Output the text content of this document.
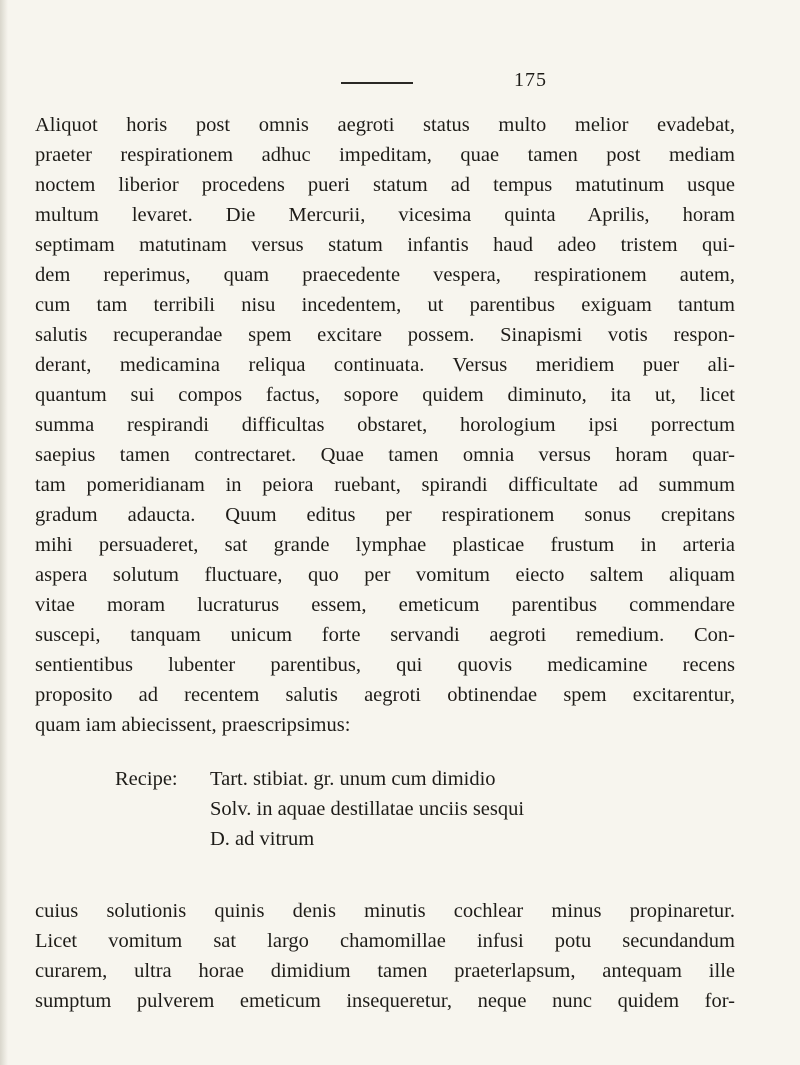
175
Aliquot horis post omnis aegroti status multo melior evadebat,
praeter respirationem adhuc impeditam, quae tamen post mediam
noctem liberior procedens pueri statum ad tempus matutinum usque
multum levaret. Die Mercurii, vicesima quinta Aprilis, horam
septimam matutinam versus statum infantis haud adeo tristem qui-
dem reperimus, quam praecedente vespera, respirationem autem,
cum tam terribili nisu incedentem, ut parentibus exiguam tantum
salutis recuperandae spem excitare possem. Sinapismi votis respon-
derant, medicamina reliqua continuata. Versus meridiem puer ali-
quantum sui compos factus, sopore quidem diminuto, ita ut, licet
summa respirandi difficultas obstaret, horologium ipsi porrectum
saepius tamen contrectaret. Quae tamen omnia versus horam quar-
tam pomeridianam in peiora ruebant, spirandi difficultate ad summum
gradum adaucta. Quum editus per respirationem sonus crepitans
mihi persuaderet, sat grande lymphae plasticae frustum in arteria
aspera solutum fluctuare, quo per vomitum eiecto saltem aliquam
vitae moram lucraturus essem, emeticum parentibus commendare
suscepi, tanquam unicum forte servandi aegroti remedium. Con-
sentientibus lubenter parentibus, qui quovis medicamine recens
proposito ad recentem salutis aegroti obtinendae spem excitarentur,
quam iam abiecissent, praescripsimus:
Recipe: Tart. stibiat. gr. unum cum dimidio
Solv. in aquae destillatae unciis sesqui
D. ad vitrum
cuius solutionis quinis denis minutis cochlear minus propinaretur.
Licet vomitum sat largo chamomillae infusi potu secundandum
curarem, ultra horae dimidium tamen praeterlapsum, antequam ille
sumptum pulverem emeticum insequeretur, neque nunc quidem for-
